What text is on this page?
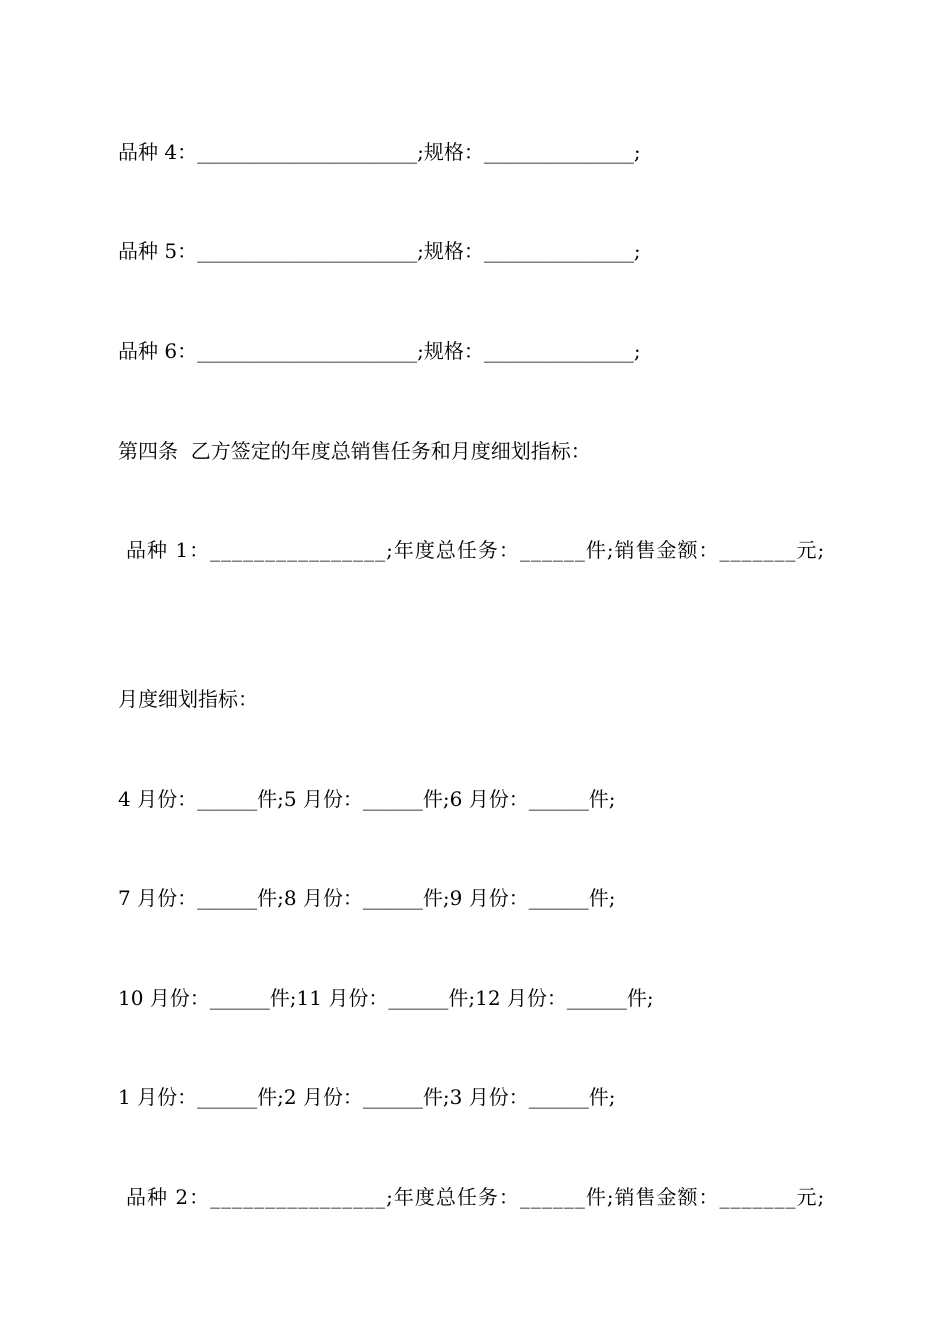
品种 4：______________________;规格：_______________;
品种 5：______________________;规格：_______________;
品种 6：______________________;规格：_______________;
第四条  乙方签定的年度总销售任务和月度细划指标：
品种 1：________________;年度总任务：______件;销售金额：_______元;
月度细划指标：
4 月份：______件;5 月份：______件;6 月份：______件;
7 月份：______件;8 月份：______件;9 月份：______件;
10 月份：______件;11 月份：______件;12 月份：______件;
1 月份：______件;2 月份：______件;3 月份：______件;
品种 2：________________;年度总任务：______件;销售金额：_______元;
